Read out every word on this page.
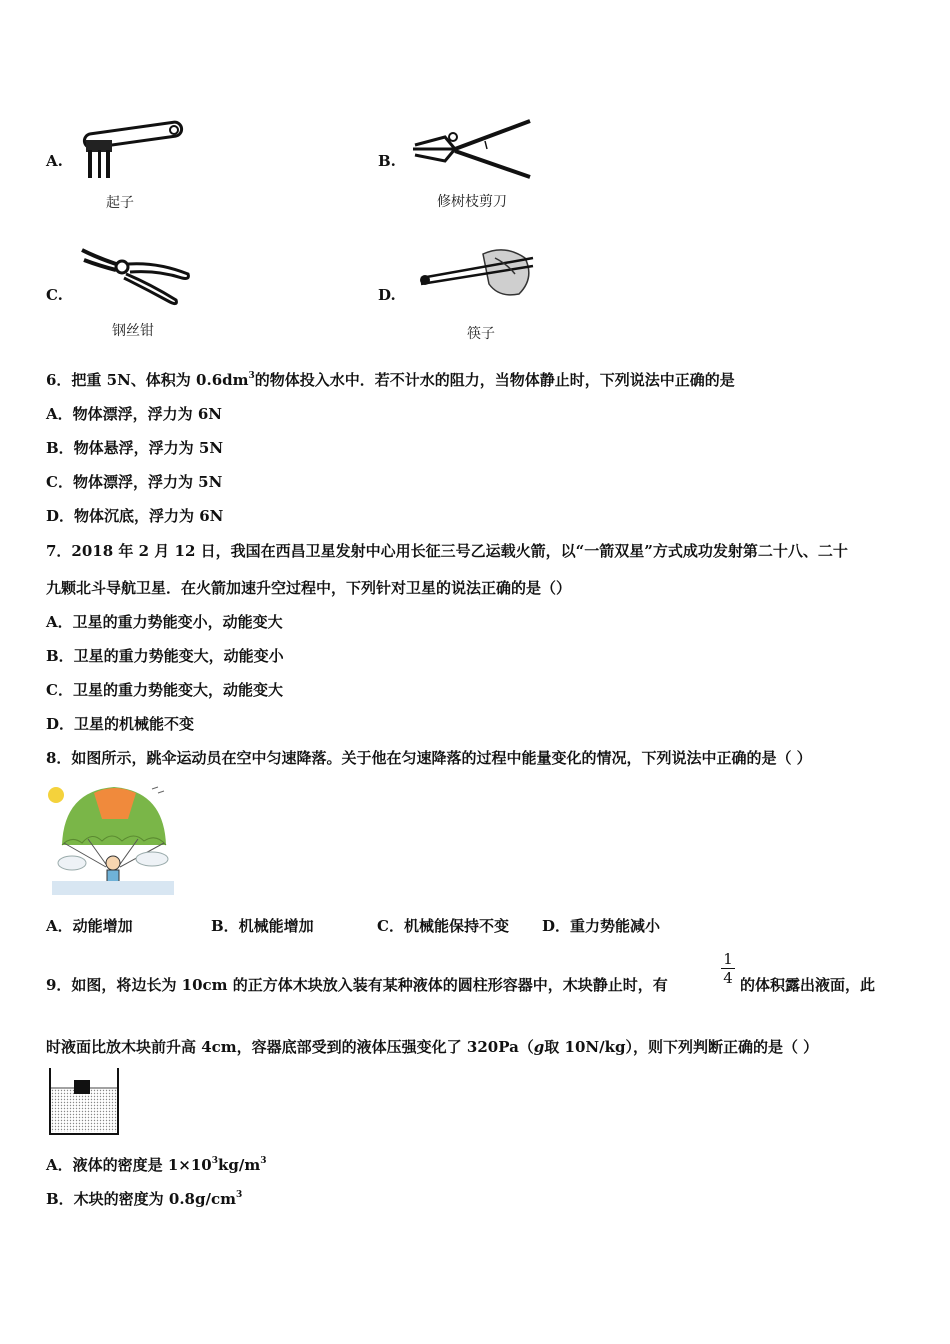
A.
起子
B.
修树枝剪刀
C.
钢丝钳
D.
筷子
6．把重 5N、体积为 $0.6dm^3$的物体投入水中．若不计水的阻力，当物体静止时，下列说法中正确的是
A．物体漂浮，浮力为 6N
B．物体悬浮，浮力为 5N
C．物体漂浮，浮力为 5N
D．物体沉底，浮力为 6N
7．2018 年 2 月 12 日，我国在西昌卫星发射中心用长征三号乙运载火箭，以“一箭双星”方式成功发射第二十八、二十
九颗北斗导航卫星．在火箭加速升空过程中，下列针对卫星的说法正确的是（）
A．卫星的重力势能变小，动能变大
B．卫星的重力势能变大，动能变小
C．卫星的重力势能变大，动能变大
D．卫星的机械能不变
8．如图所示，跳伞运动员在空中匀速降落。关于他在匀速降落的过程中能量变化的情况，下列说法中正确的是（ ）
A．动能增加	B．机械能增加	C．机械能保持不变 D．重力势能减小
9．如图，将边长为 10cm 的正方体木块放入装有某种液体的圆柱形容器中，木块静止时，有	$\frac{1}{4}$ 的体积露出液面，此
时液面比放木块前升高 4cm，容器底部受到的液体压强变化了 320Pa（g取 10N/kg），则下列判断正确的是（ ）
A．液体的密度是 $1\times 10^3kg/m^3$
B．木块的密度为 $0.8g/cm^3$
